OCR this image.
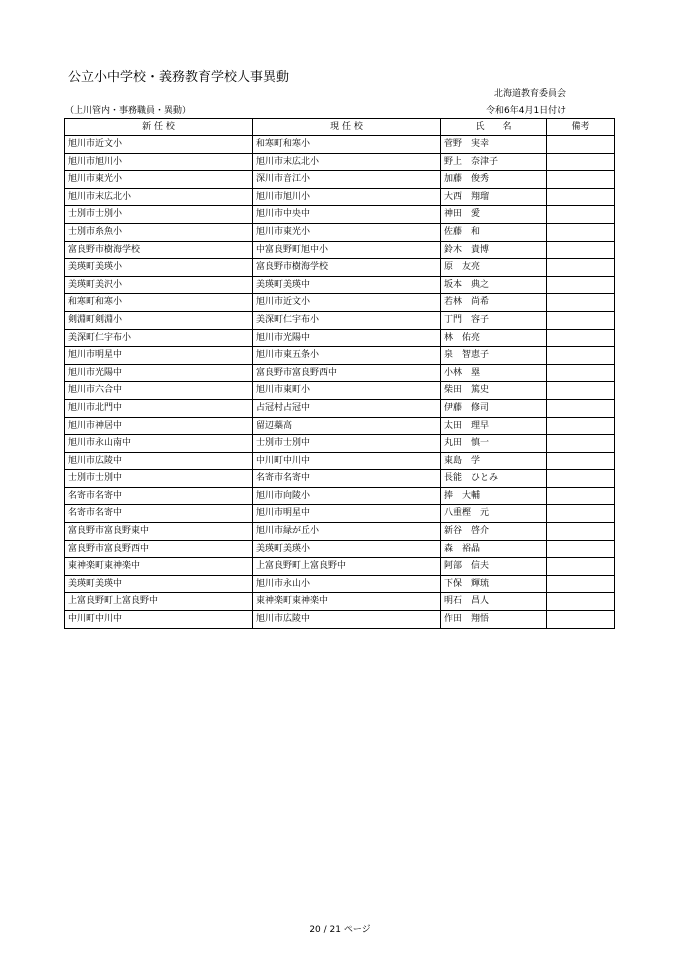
公立小中学校・義務教育学校人事異動
北海道教育委員会
（上川管内・事務職員・異動）	令和6年4月1日付け
新 任 校	現 任 校	氏　　名	備考
旭川市近文小	和寒町和寒小	菅野　実幸	
旭川市旭川小	旭川市末広北小	野上　奈津子	
旭川市東光小	深川市音江小	加藤　俊秀	
旭川市末広北小	旭川市旭川小	大西　翔瑠	
士別市士別小	旭川市中央中	神田　愛	
士別市糸魚小	旭川市東光小	佐藤　和	
富良野市樹海学校	中富良野町旭中小	鈴木　貴博	
美瑛町美瑛小	富良野市樹海学校	原　友亮	
美瑛町美沢小	美瑛町美瑛中	坂本　典之	
和寒町和寒小	旭川市近文小	若林　尚希	
剣淵町剣淵小	美深町仁宇布小	丁門　容子	
美深町仁宇布小	旭川市光陽中	林　佑亮	
旭川市明星中	旭川市東五条小	泉　智恵子	
旭川市光陽中	富良野市富良野西中	小林　塁	
旭川市六合中	旭川市東町小	柴田　篤史	
旭川市北門中	占冠村占冠中	伊藤　修司	
旭川市神居中	留辺蘂高	太田　理早	
旭川市永山南中	士別市士別中	丸田　慎一	
旭川市広陵中	中川町中川中	東島　学	
士別市士別中	名寄市名寄中	長能　ひとみ	
名寄市名寄中	旭川市向陵小	捧　大輔	
名寄市名寄中	旭川市明星中	八重樫　元	
富良野市富良野東中	旭川市緑が丘小	新谷　啓介	
富良野市富良野西中	美瑛町美瑛小	森　裕晶	
東神楽町東神楽中	上富良野町上富良野中	阿部　信夫	
美瑛町美瑛中	旭川市永山小	下保　輝琉	
上富良野町上富良野中	東神楽町東神楽中	明石　昌人	
中川町中川中	旭川市広陵中	作田　翔悟	
20 / 21 ページ
